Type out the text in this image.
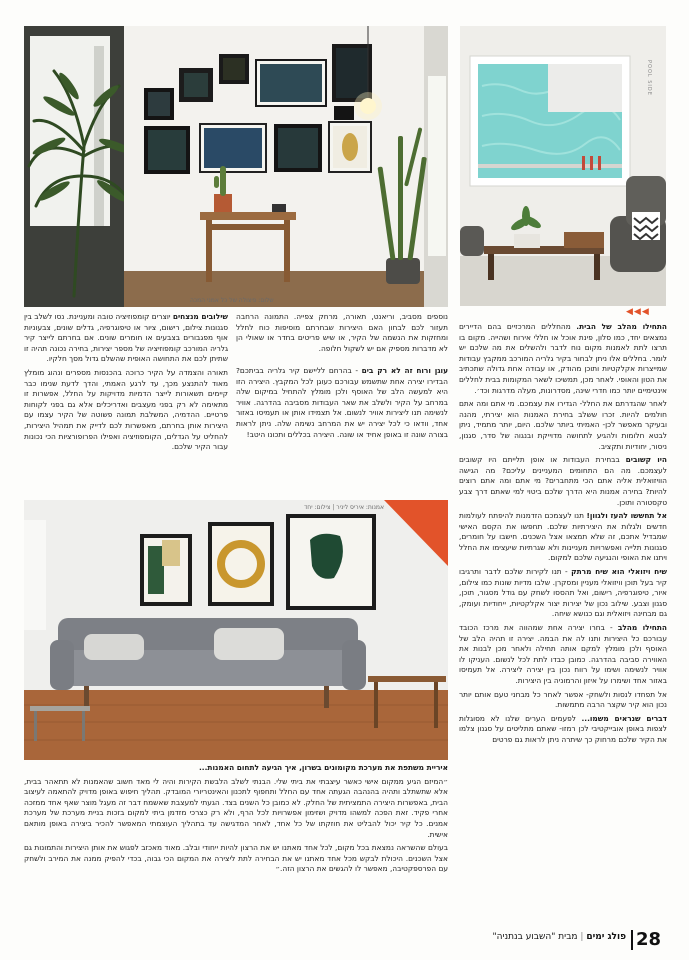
שלום: פיצולה של כל אמני המכה
POOL SIDE
◀◀◀

התחילו מהלב של הבית. מהחללים המרכזיים בהם הדיירים נמצאים יחד, כמו סלון, פינת אוכל או חללי אירוח ושהייה. מקום בו תרצו לתת לאמנות מקום נוח לדבר ולהשלים את מה שלכם יש לומר. בחללים אלו ניתן לבחור בקיר גלריה המורכב ממקבץ עבודות שמייצרות אקלקטיות ותוכן מהודק, או עבודה אחת גדולה שתכתיב את הטון והאופי. לאחר מכן, תמשיכו לשאר המקומות בבית לחללים אינטימיים יותר כמו חדרי שינה, מסדרונות, מעלה מדרגות וכד׳.

לאחר שהגדרתם את החלל- הגדירו את עצמכם. מי אתם ומה אתם חולמים להיות. זכרו ששלב בחירת האמנות הוא יצירתי, מהנה ובעיקר מאפשר לכן- האמיתי ביותר שלכם. היום, יותר מתמיד, ניתן לבטא חלומות ולהגיע לתחושה מדוייקת ובנגוה של סדר, סגנון, ניסור, יחודיות ותקציב.

היו קשובים בבחירת העבודות או אופן תלייתם היו קשובים לעצמכם. מה הם התחומים המעניינים עליכם? מה הגישה הוויזואלית אליה אתם הכי מתחברים? מי אתם ומה אתם רוצים להיות? בחירה אמנות היא הדרך שלכם ביטוי למי שאתם דרך צבע טקסטורה ותוכן.

אל תחששו להעז ולגוון! תנו לעצמכם הזדמנות להיפתח לעולמות חדשים ולגלות את היצירתיות שלכם. תחפשו את הקסם האישי שמבדיל אתכם, זה שלא תמצאו אצל השכנים. חישבו על חומרים, סגנונות תלייה ואפשרויות מעניינות ולא שגרתיות שיעצימו את החלל ויתנו את האופי והנגיעה שלכם למקום.

שיח ויזואלי הוא שיח מרתק - תנו לקירות שלכם לדבר ותרגיבו קיר בעל תוכן וויזואלי מעניין ומסקרן. שלבו מדיות שונות כמו צילום, איור, טיפוגרפיה, רישום, ואל תהססו לשחק עם גודל מסגור, תוכן, סגנון וצבע. שילוב נכון של יצירות יצור אקלקטיות, ייחודיות ועומק, גם מבחינה ויזואלית וגם כנושא שיחה.

התחילו מהלב - בחרו יצירה אחת שמהווה את מרכז הכובד עבורכם כל היצירות ותנו לה את הבמה. יצירה זו תהיה הלב של האוסף ולכן מומלץ למקם אותה תחילה ולאחר מכן לבנות את האווירה סביבה בהדרגה. כמובן כבדו לתת לכל לנשום. העניקו לו אוויר לנשימה ושימו על רווח נכון בין יצירה ליצירה. אל תעמיסו באזור אחד ושימרו על איזון והרמוניה בין היצירות.

אל תפחדו לנסות ולשחק- אפשר לאחר כל מבחני טעם אותם יותר נכון הוא קיר שקצר הרבה מתמשות.

דברים שנראים משמו... לפעמים הערים שלנו לא מסוגלות לצפות באופן אובייקטיבי לכן רמזו- שאתם מתליטים על סגנון צלמו את הקיר שלכם מרחוק כך שיתרה ניתן לראות גם פרטים

נוספים מסביב, וריאנט, תאורה, מרחק צפייה. התמונה הרחבה תעזור לכם לבחון האם היצירות שבחרתם מוסיפות כוח לחלל ומחזקות את הנשמה של הקיר, או שיש פריטים בחדר או שאולי הן לא מדברות מספיק אם יש לשקול חלופה.

עוגן ורוח זה לא רק בים - בהרחם לליישם קיר גלריה בביתכם? הבדירו יצירה אחת שתשמש עבורכם כעוגן לכל המקבץ. היצירה הזו היא למעשה הלב של האוסף ולכן מומלץ להתחיל במיקום שלה במרחב על הקיר ולשלב את שאר העבודות מסביבה בהדרגה. אוויר לנשימה תנו ליצירות אוויר לנשום. אל תצמידו אותן או תעמיסו באזור אחד, וודאו כי לכל יצירה יש את המרחב נשימה שלה. ניתן לראות בצורה שונה זו באופן אחיד או שונה. היצירה בכללים ותכונו היטב!

שילובים מנצחים יוצרים קומפוזיציה טובה ומעניינת. נסו לשלב בין סגנונות צילום, רישום, ציור או טיפוגרפיה, גדלים שונים, צבעוניות אוף מפגבורים בצבעים או חומרים שונים. אם בחרתם לייצר קיר גלריה המורכב קומפוזיציה של מספר יצירות, בחירה נכונה תהיה זו שתיתן לכם את התחושה האופית שהשלם גדול מסך חלקיו.

תאורה והצמדה על הקיר כרוכה בהכנסות מספרים ונהוג מומלץ מאוד להתנצע מכך, עד לרגע האמתי, והדך לדעת שנימו כבר קיימים תשאורות לייצר הדמיות מדויקות על החלל, אפשרות זו מתאימה לא רק בפני מעצבים ואדריכלים אלא גם בפני לקוחות פרטיים. ההדמיה, המשלבת תמונה פשוטה של הקיר עצמו עם היצירות אותן בחרתם, מאפשרות לכם לדייק את תמהיל היצירות, להחליט על הגדלים, הקומפוזיציה ואפילו הפרופורציות הכי נכונות עבור הקיר שלכם.

אמנות: איריס ליניר | צילום: יחד

איריית משתפת את מערכת מקומונים בשרון, איך הגיעה לתחום האמנות...

״המיזם הגיע ממקום אישי כאשר עיצבתי את ביתי שלי. הבנתי לשלב הלבשת הקירות והיה לי מאד חשוב שהאמנות לא תתאהר בבית, אלא שתשתלב ותהיה בהנהבה הגעתה אחד עם החלל ותחפוף לתכנון והאינטריורי המובדק. תהליך חיפוש באופן מדויק להתאמה לעיצוב הבית, באפשרות היצירה התמציתית של החלק. לא כמובן כל השנים בצד. הגעתי למעצבת שאשמח דבר זה מעגל מוצר שאף אחד ממזכה אחרי פקיד. זאת הפכה למשהו מדויק ושזימון אפשרויות לכל הרף, ולא רק כצרכי מזדמן ביתי למקום בזכות בניית מערכת של מערכת אמנים. כל קיר יכול להבליט את חוזקתו של כל אחד, לאחר המדגישה עד בתהליך העוצמתי המאפשר להכיר ביצירה באופן מותאם אישית.

בעולם שהשראה נמצאת בכל מקום, לכל אחד מאתנו יש את הרצון להיות ייחודי ובלב. מאוד מאכזב לפגוש את אותן היצירות והתמונות גם אצל השכנים. היכולת לבקש מכל אחד מאתנו יש את הבחירה לתת ליצירה את המקום הכי גבוה, בכדי להפיק ממנה את המירב ולשחק עם הפרספקטיבה, מאפשר לו להגשים את הרצון הזה.״

28
פולג ימים | מבית "השבוע בנתניה"
